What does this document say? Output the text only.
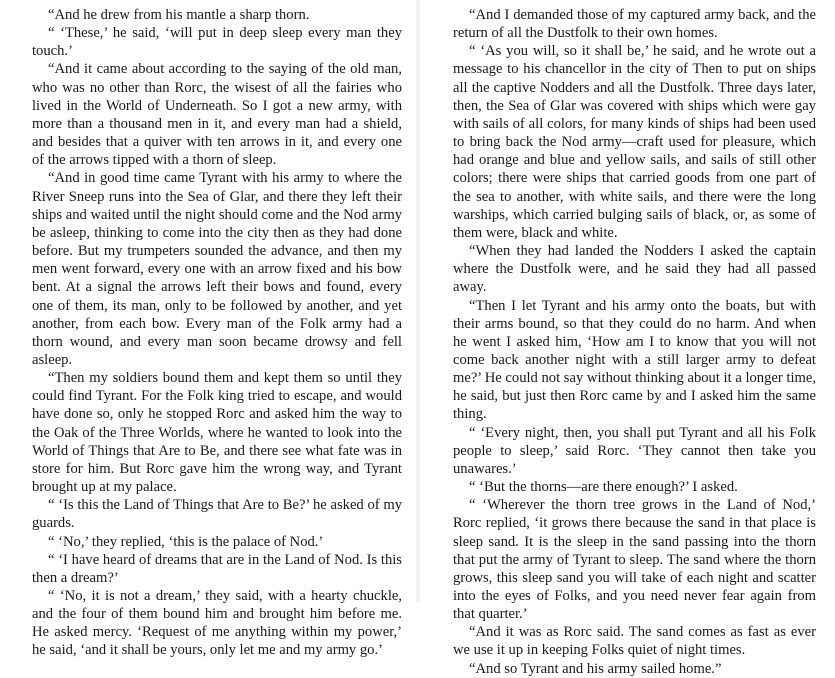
“And he drew from his mantle a sharp thorn.

“ ‘These,’ he said, ‘will put in deep sleep every man they touch.’

“And it came about according to the saying of the old man, who was no other than Rorc, the wisest of all the fairies who lived in the World of Underneath. So I got a new army, with more than a thousand men in it, and every man had a shield, and besides that a quiver with ten arrows in it, and every one of the arrows tipped with a thorn of sleep.

“And in good time came Tyrant with his army to where the River Sneep runs into the Sea of Glar, and there they left their ships and waited until the night should come and the Nod army be asleep, thinking to come into the city then as they had done before. But my trumpeters sounded the advance, and then my men went forward, every one with an arrow fixed and his bow bent. At a signal the arrows left their bows and found, every one of them, its man, only to be followed by another, and yet another, from each bow. Every man of the Folk army had a thorn wound, and every man soon became drowsy and fell asleep.

“Then my soldiers bound them and kept them so until they could find Tyrant. For the Folk king tried to escape, and would have done so, only he stopped Rorc and asked him the way to the Oak of the Three Worlds, where he wanted to look into the World of Things that Are to Be, and there see what fate was in store for him. But Rorc gave him the wrong way, and Tyrant brought up at my palace.

“ ‘Is this the Land of Things that Are to Be?’ he asked of my guards.

“ ‘No,’ they replied, ‘this is the palace of Nod.’

“ ‘I have heard of dreams that are in the Land of Nod. Is this then a dream?’

“ ‘No, it is not a dream,’ they said, with a hearty chuckle, and the four of them bound him and brought him before me. He asked mercy. ‘Request of me anything within my power,’ he said, ‘and it shall be yours, only let me and my army go.’

“And I demanded those of my captured army back, and the return of all the Dustfolk to their own homes.

“ ‘As you will, so it shall be,’ he said, and he wrote out a message to his chancellor in the city of Then to put on ships all the captive Nodders and all the Dustfolk. Three days later, then, the Sea of Glar was covered with ships which were gay with sails of all colors, for many kinds of ships had been used to bring back the Nod army—craft used for pleasure, which had orange and blue and yellow sails, and sails of still other colors; there were ships that carried goods from one part of the sea to another, with white sails, and there were the long warships, which carried bulging sails of black, or, as some of them were, black and white.

“When they had landed the Nodders I asked the captain where the Dustfolk were, and he said they had all passed away.

“Then I let Tyrant and his army onto the boats, but with their arms bound, so that they could do no harm. And when he went I asked him, ‘How am I to know that you will not come back another night with a still larger army to defeat me?’ He could not say without thinking about it a longer time, he said, but just then Rorc came by and I asked him the same thing.

“ ‘Every night, then, you shall put Tyrant and all his Folk people to sleep,’ said Rorc. ‘They cannot then take you unawares.’

“ ‘But the thorns—are there enough?’ I asked.

“ ‘Wherever the thorn tree grows in the Land of Nod,’ Rorc replied, ‘it grows there because the sand in that place is sleep sand. It is the sleep in the sand passing into the thorn that put the army of Tyrant to sleep. The sand where the thorn grows, this sleep sand you will take of each night and scatter into the eyes of Folks, and you need never fear again from that quarter.’

“And it was as Rorc said. The sand comes as fast as ever we use it up in keeping Folks quiet of night times.

“And so Tyrant and his army sailed home.”
